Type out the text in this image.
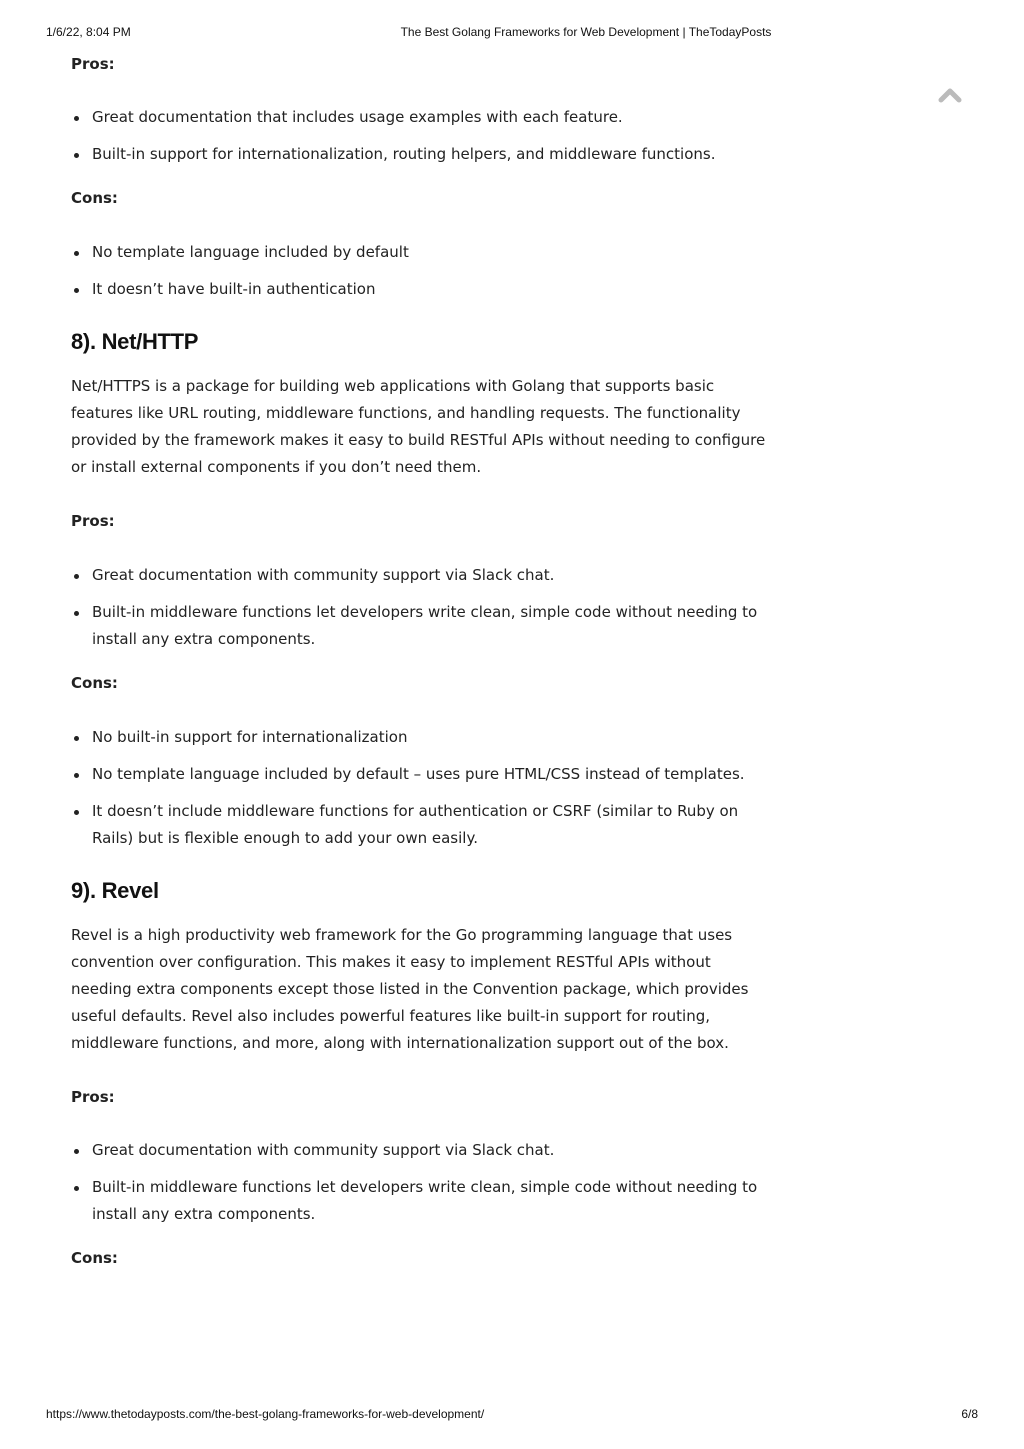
1/6/22, 8:04 PM	The Best Golang Frameworks for Web Development | TheTodayPosts
Pros:
Great documentation that includes usage examples with each feature.
Built-in support for internationalization, routing helpers, and middleware functions.
Cons:
No template language included by default
It doesn’t have built-in authentication
8). Net/HTTP

Net/HTTPS is a package for building web applications with Golang that supports basic features like URL routing, middleware functions, and handling requests. The functionality provided by the framework makes it easy to build RESTful APIs without needing to configure or install external components if you don’t need them.

Pros:
Great documentation with community support via Slack chat.
Built-in middleware functions let developers write clean, simple code without needing to install any extra components.
Cons:
No built-in support for internationalization
No template language included by default – uses pure HTML/CSS instead of templates.
It doesn’t include middleware functions for authentication or CSRF (similar to Ruby on Rails) but is flexible enough to add your own easily.
9). Revel

Revel is a high productivity web framework for the Go programming language that uses convention over configuration. This makes it easy to implement RESTful APIs without needing extra components except those listed in the Convention package, which provides useful defaults. Revel also includes powerful features like built-in support for routing, middleware functions, and more, along with internationalization support out of the box.

Pros:
Great documentation with community support via Slack chat.
Built-in middleware functions let developers write clean, simple code without needing to install any extra components.
Cons:
https://www.thetodayposts.com/the-best-golang-frameworks-for-web-development/	6/8
